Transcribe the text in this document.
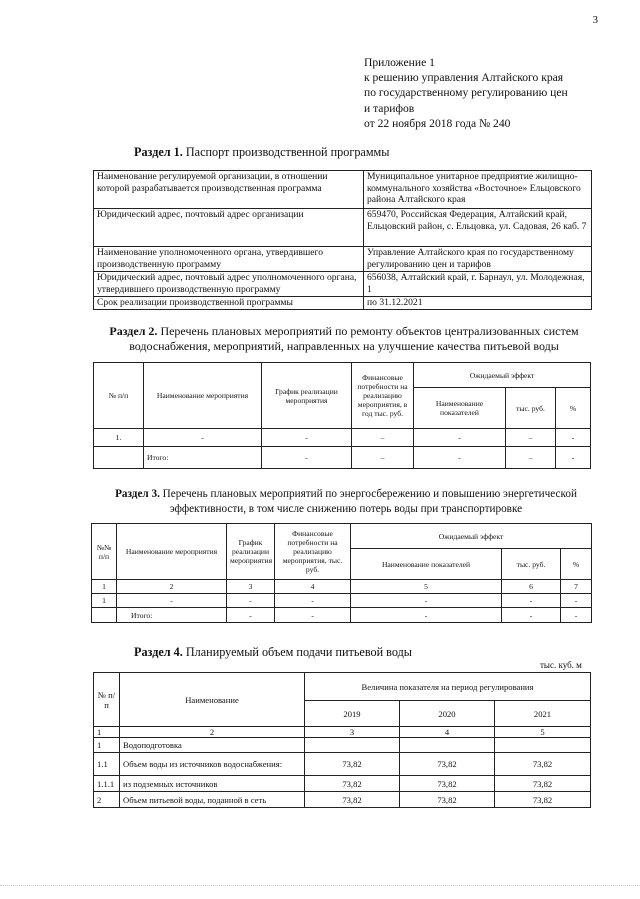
3
Приложение 1
к решению управления Алтайского края
по государственному регулированию цен
и тарифов
от 22 ноября 2018 года № 240
Раздел 1. Паспорт производственной программы
Наименование регулируемой организации, в отношении которой разрабатывается производственная программа	Муниципальное унитарное предприятие жилищно-коммунального хозяйства «Восточное» Ельцовского района Алтайского края
Юридический адрес, почтовый адрес организации	659470, Российская Федерация, Алтайский край, Ельцовский район, с. Ельцовка, ул. Садовая, 26 каб. 7
Наименование уполномоченного органа, утвердившего производственную программу	Управление Алтайского края по государственному регулированию цен и тарифов
Юридический адрес, почтовый адрес уполномоченного органа, утвердившего производственную программу	656038, Алтайский край, г. Барнаул, ул. Молодежная, 1
Срок реализации производственной программы	по 31.12.2021
Раздел 2. Перечень плановых мероприятий по ремонту объектов централизованных систем водоснабжения, мероприятий, направленных на улучшение качества питьевой воды
№ п/п	Наименование мероприятия	График реализации мероприятия	Финансовые потребности на реализацию мероприятия, в год тыс. руб.	Ожидаемый эффект		
				Наименование показателей	тыс. руб.	%
1.	-	-	–	-	–	-
	Итого:	-	–	-	–	-
Раздел 3. Перечень плановых мероприятий по энергосбережению и повышению энергетической эффективности, в том числе снижению потерь воды при транспортировке
№№ п/п	Наименование мероприятия	График реализации мероприятия	Финансовые потребности на реализацию мероприятия, тыс. руб.	Ожидаемый эффект		
				Наименование показателей	тыс. руб.	%
1	2	3	4	5	6	7
1	-	-	-	-	-	-
	Итого:	-	-	-	-	-
Раздел 4. Планируемый объем подачи питьевой воды
тыс. куб. м
№ п/п	Наименование	Величина показателя на период регулирования		
		2019	2020	2021
1	2	3	4	5
1	Водоподготовка			
1.1	Объем воды из источников водоснабжения:	73,82	73,82	73,82
1.1.1	из подземных источников	73,82	73,82	73,82
2	Объем питьевой воды, поданной в сеть	73,82	73,82	73,82
